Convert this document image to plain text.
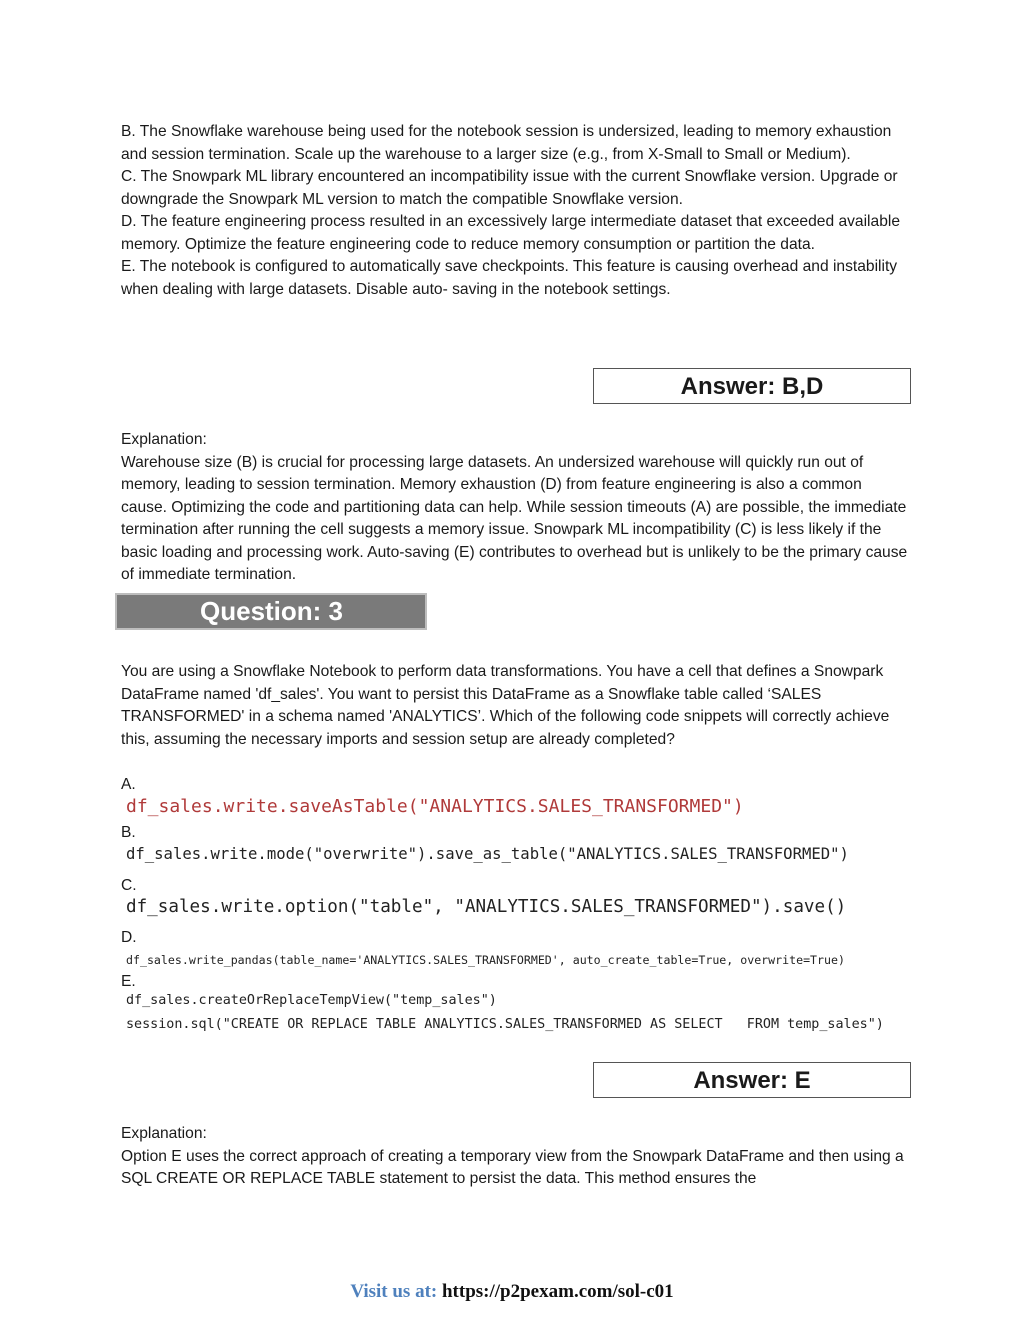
B. The Snowflake warehouse being used for the notebook session is undersized, leading to memory exhaustion and session termination. Scale up the warehouse to a larger size (e.g., from X-Small to Small or Medium).
C. The Snowpark ML library encountered an incompatibility issue with the current Snowflake version. Upgrade or downgrade the Snowpark ML version to match the compatible Snowflake version.
D. The feature engineering process resulted in an excessively large intermediate dataset that exceeded available memory. Optimize the feature engineering code to reduce memory consumption or partition the data.
E. The notebook is configured to automatically save checkpoints. This feature is causing overhead and instability when dealing with large datasets. Disable auto- saving in the notebook settings.
Answer: B,D
Explanation:
Warehouse size (B) is crucial for processing large datasets. An undersized warehouse will quickly run out of memory, leading to session termination. Memory exhaustion (D) from feature engineering is also a common cause. Optimizing the code and partitioning data can help. While session timeouts (A) are possible, the immediate termination after running the cell suggests a memory issue. Snowpark ML incompatibility (C) is less likely if the basic loading and processing work. Auto-saving (E) contributes to overhead but is unlikely to be the primary cause of immediate termination.
Question: 3
You are using a Snowflake Notebook to perform data transformations. You have a cell that defines a Snowpark DataFrame named 'df_sales'. You want to persist this DataFrame as a Snowflake table called ‘SALES TRANSFORMED' in a schema named 'ANALYTICS’. Which of the following code snippets will correctly achieve this, assuming the necessary imports and session setup are already completed?
A.
df_sales.write.saveAsTable("ANALYTICS.SALES_TRANSFORMED")
B.
df_sales.write.mode("overwrite").save_as_table("ANALYTICS.SALES_TRANSFORMED")
C.
df_sales.write.option("table", "ANALYTICS.SALES_TRANSFORMED").save()
D.
df_sales.write_pandas(table_name='ANALYTICS.SALES_TRANSFORMED', auto_create_table=True, overwrite=True)
E.
df_sales.createOrReplaceTempView("temp_sales")
session.sql("CREATE OR REPLACE TABLE ANALYTICS.SALES_TRANSFORMED AS SELECT   FROM temp_sales")
Answer: E
Explanation:
Option E uses the correct approach of creating a temporary view from the Snowpark DataFrame and then using a SQL CREATE OR REPLACE TABLE statement to persist the data. This method ensures the
Visit us at: https://p2pexam.com/sol-c01
